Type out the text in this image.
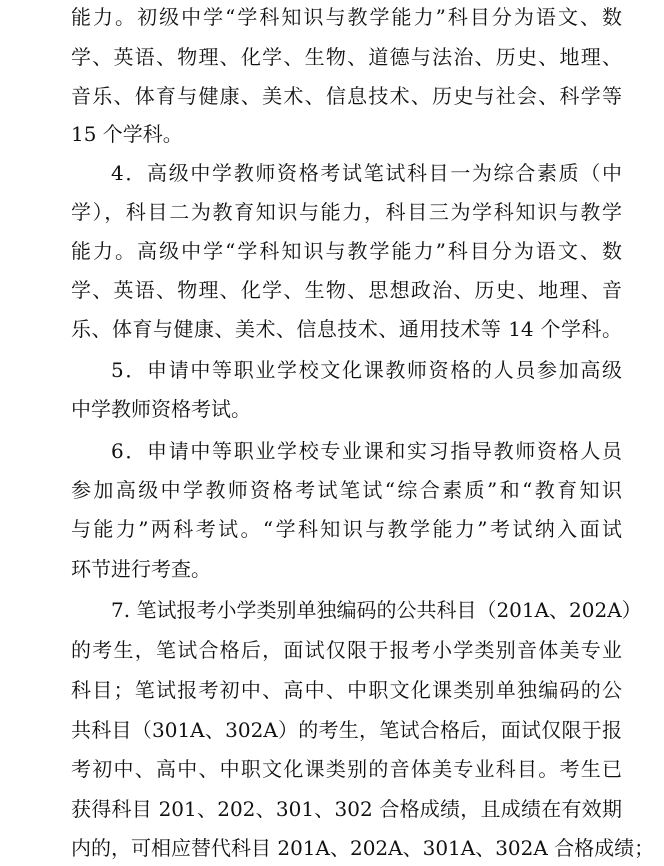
能力。初级中学“学科知识与教学能力”科目分为语文、数
学、英语、物理、化学、生物、道德与法治、历史、地理、
音乐、体育与健康、美术、信息技术、历史与社会、科学等
15 个学科。
4．高级中学教师资格考试笔试科目一为综合素质（中
学），科目二为教育知识与能力，科目三为学科知识与教学
能力。高级中学“学科知识与教学能力”科目分为语文、数
学、英语、物理、化学、生物、思想政治、历史、地理、音
乐、体育与健康、美术、信息技术、通用技术等 14 个学科。
5．申请中等职业学校文化课教师资格的人员参加高级
中学教师资格考试。
6．申请中等职业学校专业课和实习指导教师资格人员
参加高级中学教师资格考试笔试“综合素质”和“教育知识
与能力”两科考试。“学科知识与教学能力”考试纳入面试
环节进行考查。
7. 笔试报考小学类别单独编码的公共科目（201A、202A）
的考生，笔试合格后，面试仅限于报考小学类别音体美专业
科目；笔试报考初中、高中、中职文化课类别单独编码的公
共科目（301A、302A）的考生，笔试合格后，面试仅限于报
考初中、高中、中职文化课类别的音体美专业科目。考生已
获得科目 201、202、301、302 合格成绩，且成绩在有效期
内的，可相应替代科目 201A、202A、301A、302A 合格成绩；
